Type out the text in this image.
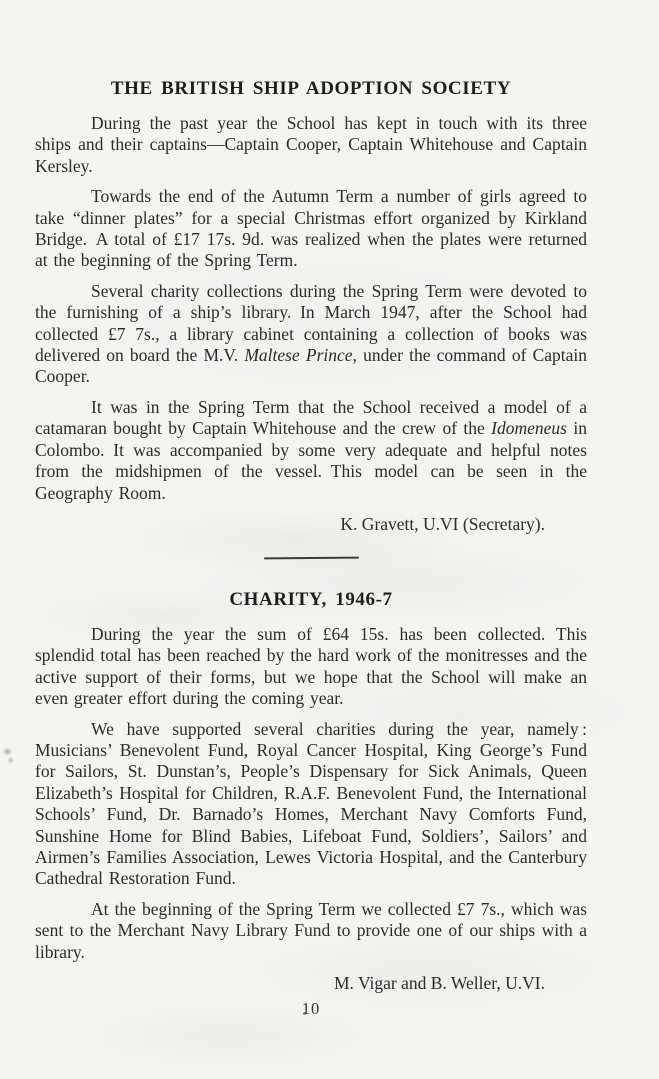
THE BRITISH SHIP ADOPTION SOCIETY

During the past year the School has kept in touch with its three ships and their captains—Captain Cooper, Captain Whitehouse and Captain Kersley.

Towards the end of the Autumn Term a number of girls agreed to take “dinner plates” for a special Christmas effort organized by Kirkland Bridge. A total of £17 17s. 9d. was realized when the plates were returned at the beginning of the Spring Term.

Several charity collections during the Spring Term were devoted to the furnishing of a ship’s library. In March 1947, after the School had collected £7 7s., a library cabinet containing a collection of books was delivered on board the M.V. Maltese Prince, under the command of Captain Cooper.

It was in the Spring Term that the School received a model of a catamaran bought by Captain Whitehouse and the crew of the Idomeneus in Colombo. It was accompanied by some very adequate and helpful notes from the midshipmen of the vessel. This model can be seen in the Geography Room.

K. Gravett, U.VI (Secretary).

CHARITY, 1946-7

During the year the sum of £64 15s. has been collected. This splendid total has been reached by the hard work of the monitresses and the active support of their forms, but we hope that the School will make an even greater effort during the coming year.

We have supported several charities during the year, namely : Musicians’ Benevolent Fund, Royal Cancer Hospital, King George’s Fund for Sailors, St. Dunstan’s, People’s Dispensary for Sick Animals, Queen Elizabeth’s Hospital for Children, R.A.F. Benevolent Fund, the International Schools’ Fund, Dr. Barnado’s Homes, Merchant Navy Comforts Fund, Sunshine Home for Blind Babies, Lifeboat Fund, Soldiers’, Sailors’ and Airmen’s Families Association, Lewes Victoria Hospital, and the Canterbury Cathedral Restoration Fund.

At the beginning of the Spring Term we collected £7 7s., which was sent to the Merchant Navy Library Fund to provide one of our ships with a library.

M. Vigar and B. Weller, U.VI.

10
